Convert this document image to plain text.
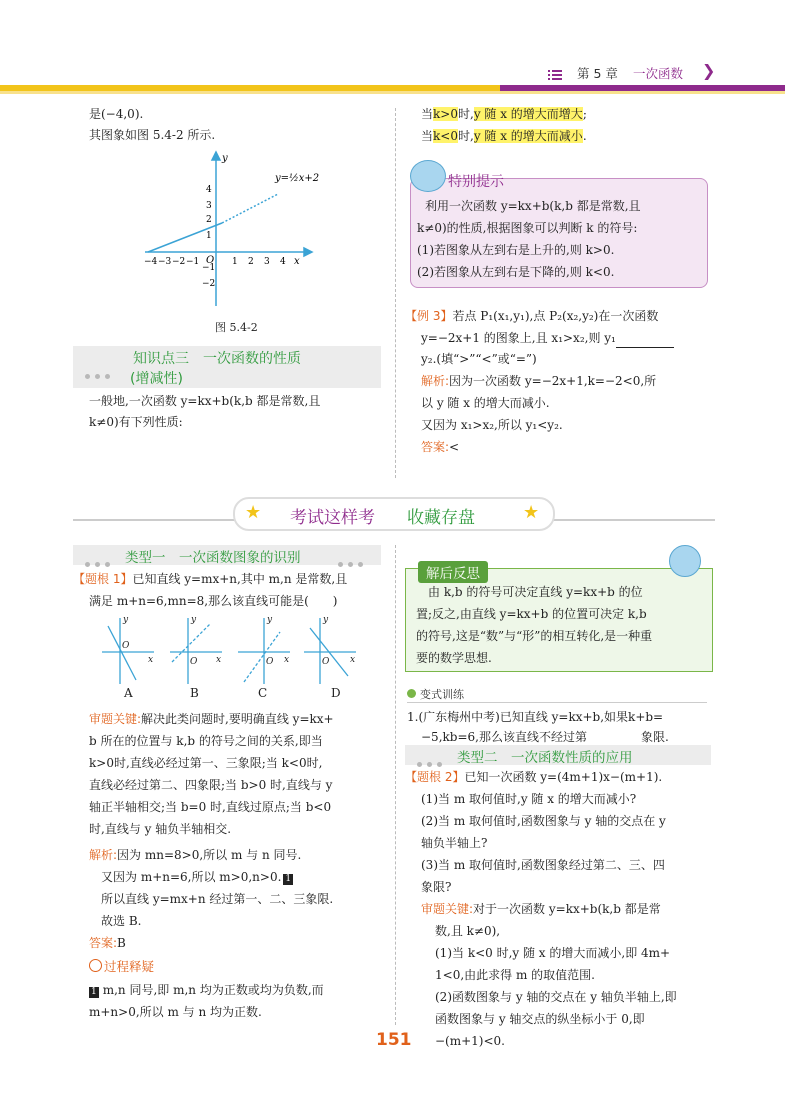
第 5 章 一次函数 ❯
是(−4,0).
其图象如图 5.4-2 所示.
y
x
O
y=½x+2
−4 −3 −2 −1	1 2 3 4
4
3
2
1
−1
−2
图 5.4-2
知识点三　一次函数的性质
(增减性)
一般地,一次函数 y=kx+b(k,b 都是常数,且
k≠0)有下列性质:
当k>0时,y 随 x 的增大而增大;
当k<0时,y 随 x 的增大而减小.
利用一次函数 y=kx+b(k,b 都是常数,且
k≠0)的性质,根据图象可以判断 k 的符号:
(1)若图象从左到右是上升的,则 k>0.
(2)若图象从左到右是下降的,则 k<0.
特别提示
【例 3】若点 P₁(x₁,y₁),点 P₂(x₂,y₂)在一次函数
y=−2x+1 的图象上,且 x₁>x₂,则 y₁
y₂.(填“>”“<”或“=”)
解析:因为一次函数 y=−2x+1,k=−2<0,所
以 y 随 x 的增大而减小.
又因为 x₁>x₂,所以 y₁<y₂.
答案:<
★ 考试这样考 收藏存盘	★
类型一　一次函数图象的识别
【题根 1】已知直线 y=mx+n,其中 m,n 是常数,且
满足 m+n=6,mn=8,那么该直线可能是(　　)
y
x
O
y
x
O
y
x
O
y
x
O
A	B	C	D
审题关键:解决此类问题时,要明确直线 y=kx+
b 所在的位置与 k,b 的符号之间的关系,即当
k>0时,直线必经过第一、三象限;当 k<0时,
直线必经过第二、四象限;当 b>0 时,直线与 y
轴正半轴相交;当 b=0 时,直线过原点;当 b<0
时,直线与 y 轴负半轴相交.
解析:因为 mn=8>0,所以 m 与 n 同号.
又因为 m+n=6,所以 m>0,n>0. 1
所以直线 y=mx+n 经过第一、二、三象限.
故选 B.
答案:B
过程释疑
1 m,n 同号,即 m,n 均为正数或均为负数,而
m+n>0,所以 m 与 n 均为正数.
由 k,b 的符号可决定直线 y=kx+b 的位
置;反之,由直线 y=kx+b 的位置可决定 k,b
的符号,这是“数”与“形”的相互转化,是一种重
要的数学思想.
解后反思
变式训练
1.(广东梅州中考)已知直线 y=kx+b,如果k+b=
−5,kb=6,那么该直线不经过第	象限.
类型二　一次函数性质的应用
【题根 2】已知一次函数 y=(4m+1)x−(m+1).
(1)当 m 取何值时,y 随 x 的增大而减小?
(2)当 m 取何值时,函数图象与 y 轴的交点在 y
轴负半轴上?
(3)当 m 取何值时,函数图象经过第二、三、四
象限?
审题关键:对于一次函数 y=kx+b(k,b 都是常
数,且 k≠0),
(1)当 k<0 时,y 随 x 的增大而减小,即 4m+
1<0,由此求得 m 的取值范围.
(2)函数图象与 y 轴的交点在 y 轴负半轴上,即
函数图象与 y 轴交点的纵坐标小于 0,即
−(m+1)<0.
151
